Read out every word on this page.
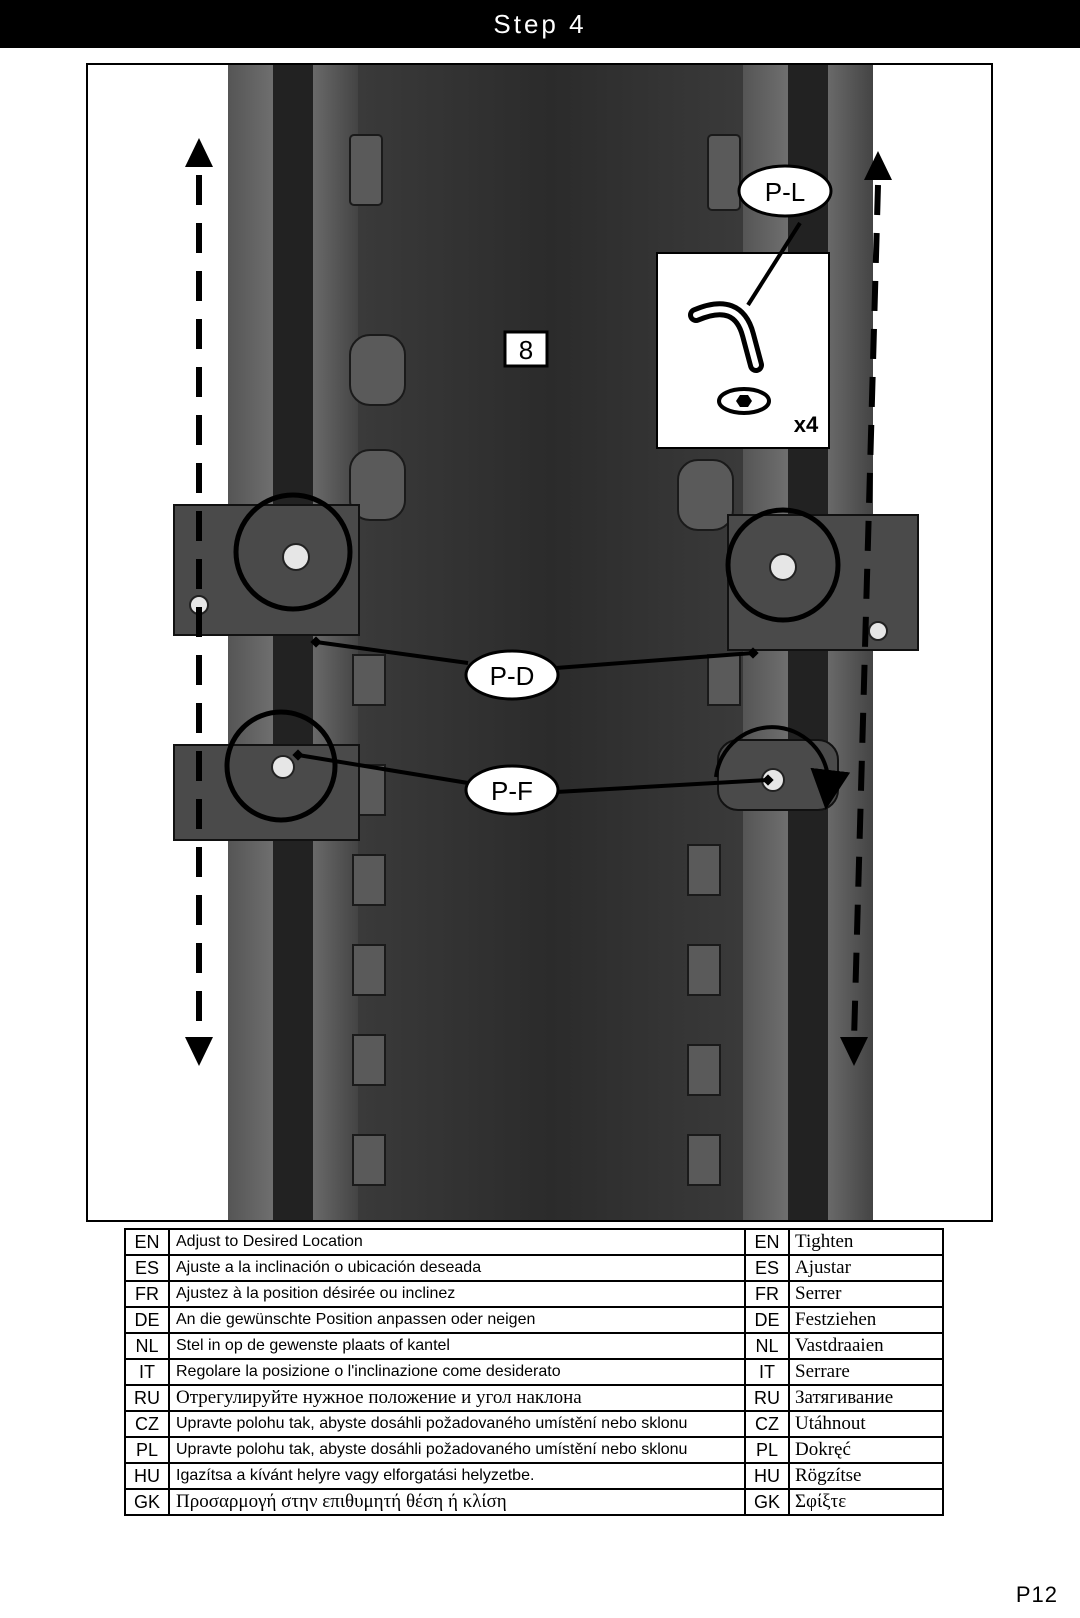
Step 4
x4
8
P-L
P-D
P-F
EN	Adjust to Desired Location	EN	Tighten
ES	Ajuste a la inclinación o ubicación deseada	ES	Ajustar
FR	Ajustez à la position désirée ou inclinez	FR	Serrer
DE	An die gewünschte Position anpassen oder neigen	DE	Festziehen
NL	Stel in op de gewenste plaats of kantel	NL	Vastdraaien
IT	Regolare la posizione o l'inclinazione come desiderato	IT	Serrare
RU	Отрегулируйте нужное положение и угол наклона	RU	Затягивание
CZ	Upravte polohu tak, abyste dosáhli požadovaného umístění nebo sklonu	CZ	Utáhnout
PL	Upravte polohu tak, abyste dosáhli požadovaného umístění nebo sklonu	PL	Dokręć
HU	Igazítsa a kívánt helyre vagy elforgatási helyzetbe.	HU	Rögzítse
GK	Προσαρμογή στην επιθυμητή θέση ή κλίση	GK	Σφίξτε
P12
